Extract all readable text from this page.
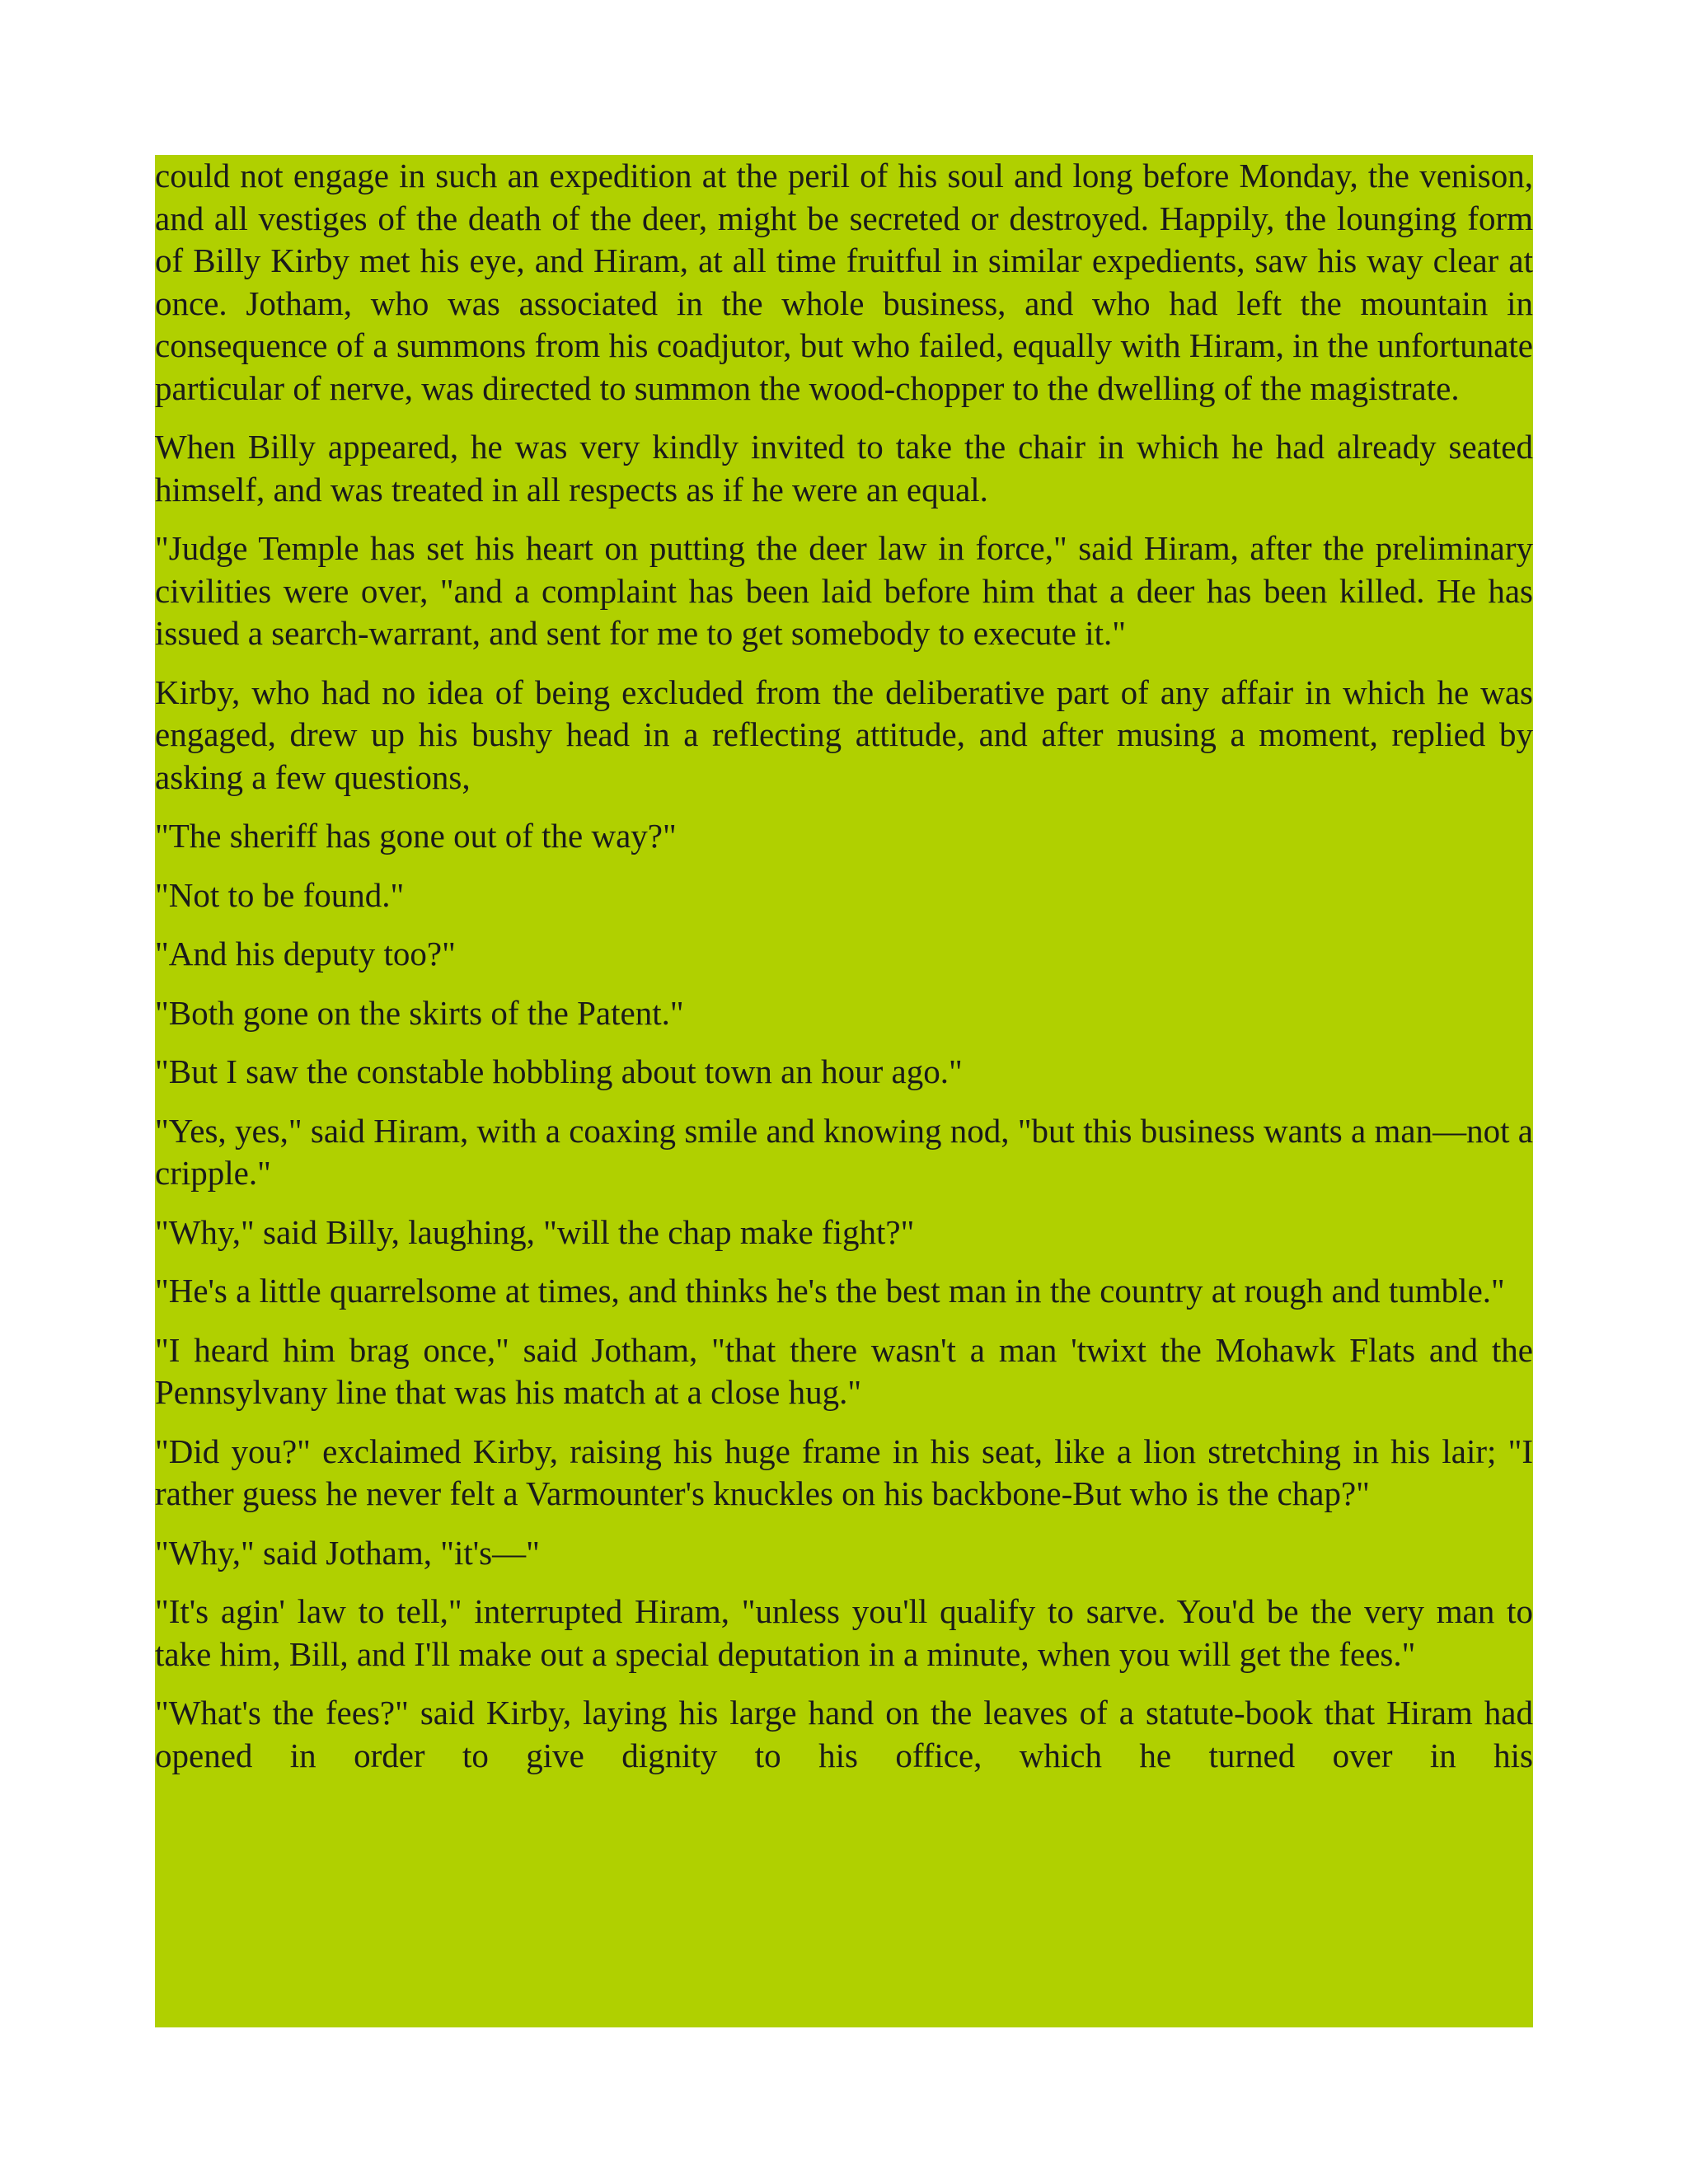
could not engage in such an expedition at the peril of his soul and long before Monday, the venison, and all vestiges of the death of the deer, might be secreted or destroyed. Happily, the lounging form of Billy Kirby met his eye, and Hiram, at all time fruitful in similar expedients, saw his way clear at once. Jotham, who was associated in the whole business, and who had left the mountain in consequence of a summons from his coadjutor, but who failed, equally with Hiram, in the unfortunate particular of nerve, was directed to summon the wood-chopper to the dwelling of the magistrate.

When Billy appeared, he was very kindly invited to take the chair in which he had already seated himself, and was treated in all respects as if he were an equal.

"Judge Temple has set his heart on putting the deer law in force," said Hiram, after the preliminary civilities were over, "and a complaint has been laid before him that a deer has been killed. He has issued a search-warrant, and sent for me to get somebody to execute it."

Kirby, who had no idea of being excluded from the deliberative part of any affair in which he was engaged, drew up his bushy head in a reflecting attitude, and after musing a moment, replied by asking a few questions,

"The sheriff has gone out of the way?"

"Not to be found."

"And his deputy too?"

"Both gone on the skirts of the Patent."

"But I saw the constable hobbling about town an hour ago."

"Yes, yes," said Hiram, with a coaxing smile and knowing nod, "but this business wants a man—not a cripple."

"Why," said Billy, laughing, "will the chap make fight?"

"He's a little quarrelsome at times, and thinks he's the best man in the country at rough and tumble."

"I heard him brag once," said Jotham, "that there wasn't a man 'twixt the Mohawk Flats and the Pennsylvany line that was his match at a close hug."

"Did you?" exclaimed Kirby, raising his huge frame in his seat, like a lion stretching in his lair; "I rather guess he never felt a Varmounter's knuckles on his backbone-But who is the chap?"

"Why," said Jotham, "it's—"

"It's agin' law to tell," interrupted Hiram, "unless you'll qualify to sarve. You'd be the very man to take him, Bill, and I'll make out a special deputation in a minute, when you will get the fees."

"What's the fees?" said Kirby, laying his large hand on the leaves of a statute-book that Hiram had opened in order to give dignity to his office, which he turned over in his
